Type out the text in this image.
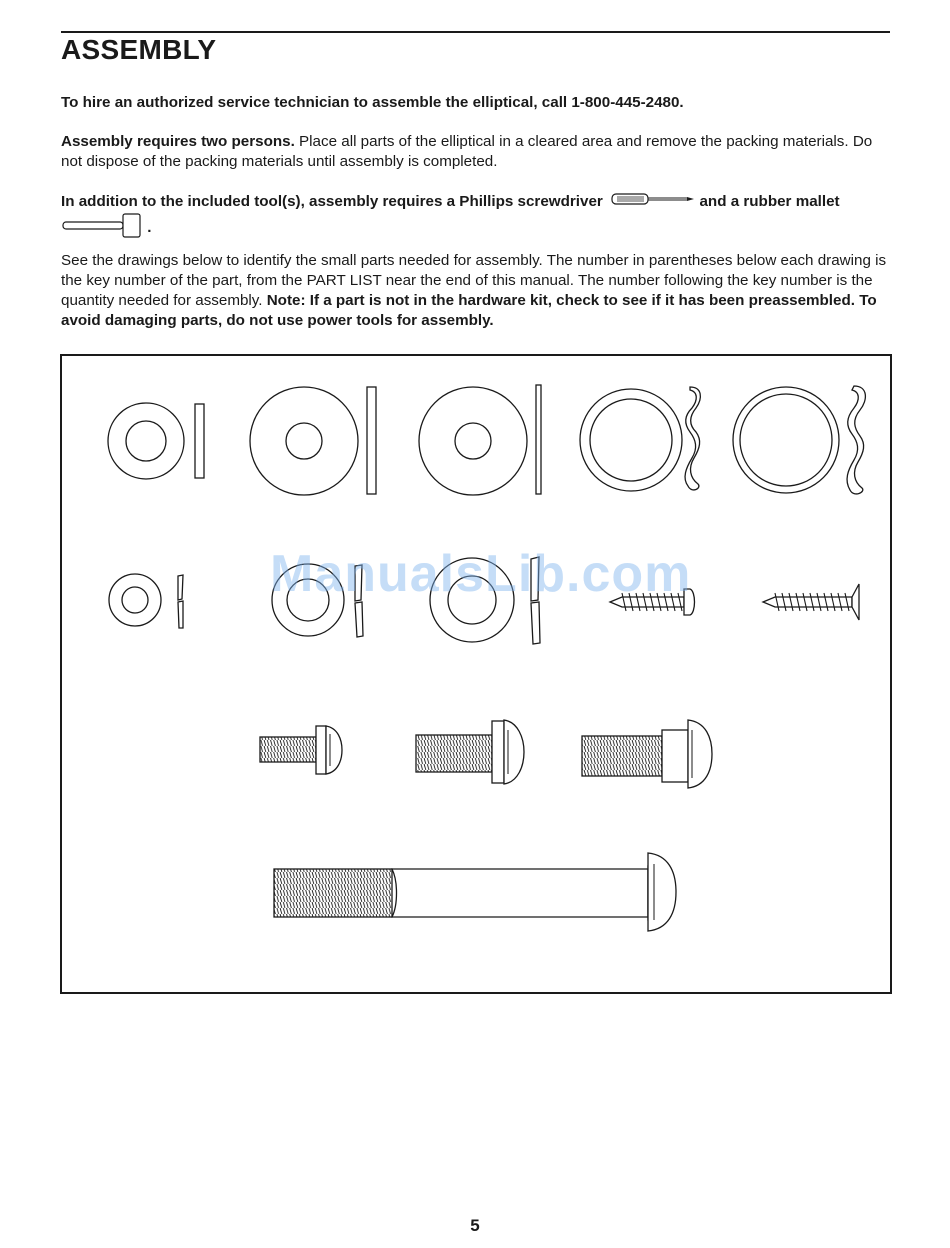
ASSEMBLY

To hire an authorized service technician to assemble the elliptical, call 1-800-445-2480.

Assembly requires two persons. Place all parts of the elliptical in a cleared area and remove the packing materials. Do not dispose of the packing materials until assembly is completed.

In addition to the included tool(s), assembly requires a Phillips screwdriver	and a rubber mallet   .

See the drawings below to identify the small parts needed for assembly. The number in parentheses below each drawing is the key number of the part, from the PART LIST near the end of this manual. The number following the key number is the quantity needed for assembly. Note: If a part is not in the hardware kit, check to see if it has been preassembled. To avoid damaging parts, do not use power tools for assembly.

ManualsLib.com
5
